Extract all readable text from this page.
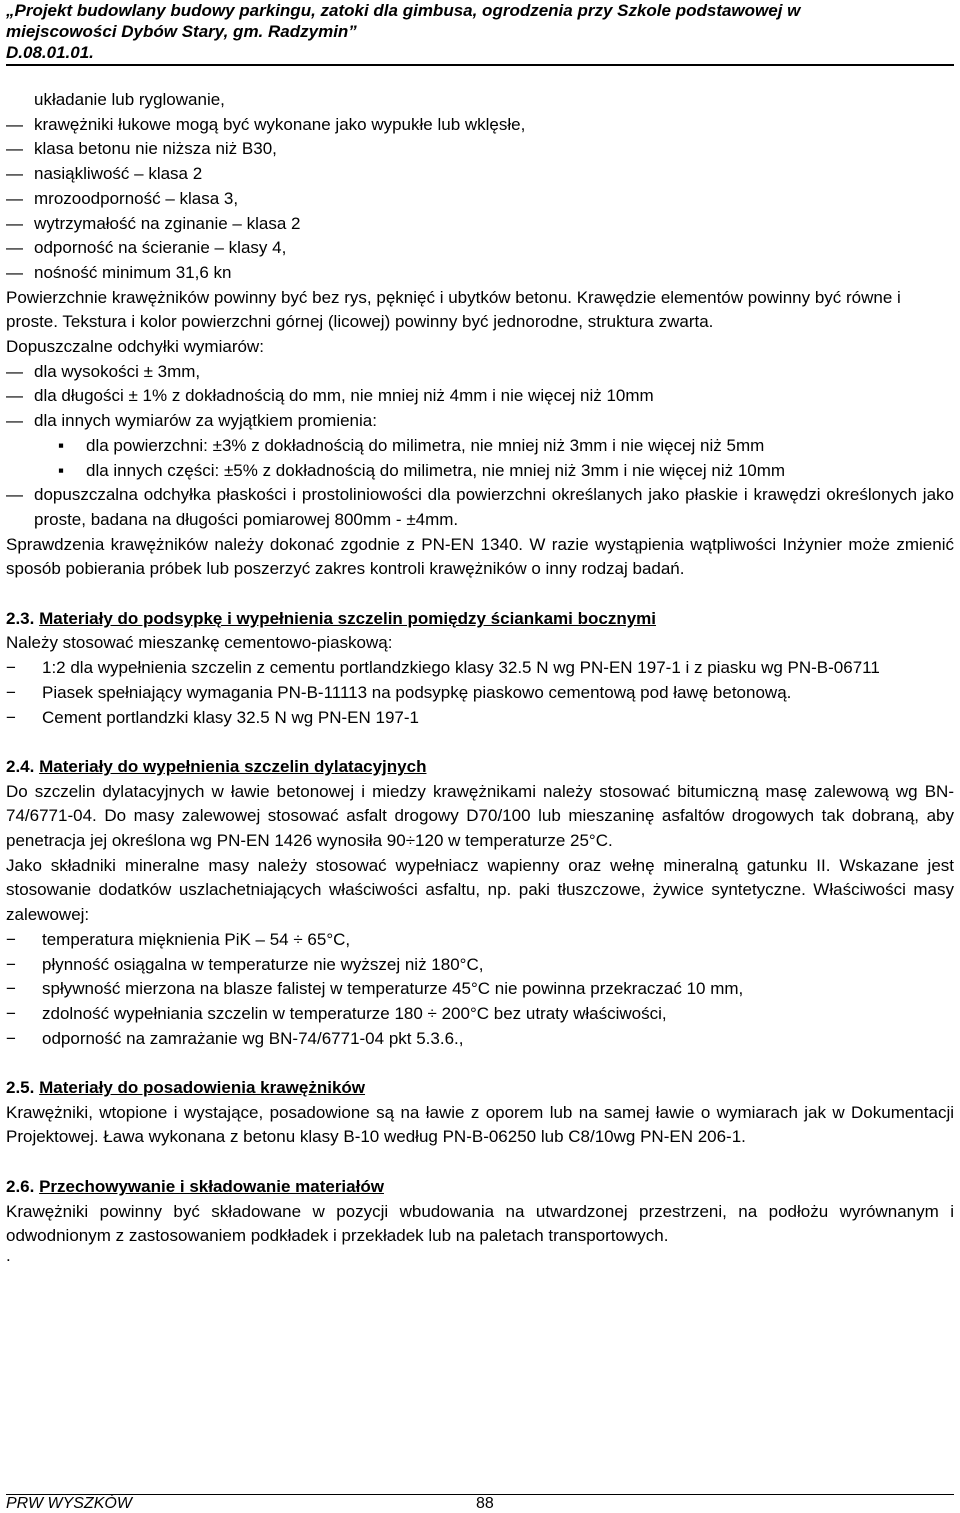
„Projekt budowlany budowy parkingu, zatoki dla gimbusa, ogrodzenia przy Szkole podstawowej w
miejscowości Dybów Stary, gm. Radzymin”
D.08.01.01.
układanie lub ryglowanie,
— krawężniki łukowe mogą być wykonane jako wypukłe lub wklęsłe,
— klasa betonu nie niższa niż B30,
— nasiąkliwość – klasa 2
— mrozoodporność – klasa 3,
— wytrzymałość na zginanie – klasa 2
— odporność na ścieranie – klasy 4,
— nośność minimum 31,6 kn

Powierzchnie krawężników powinny być bez rys, pęknięć i ubytków betonu. Krawędzie elementów powinny być równe i proste. Tekstura i kolor powierzchni górnej (licowej) powinny być jednorodne, struktura zwarta.

Dopuszczalne odchyłki wymiarów:

— dla wysokości ± 3mm,
— dla długości ± 1% z dokładnością do mm, nie mniej niż 4mm i nie więcej niż 10mm
— dla innych wymiarów za wyjątkiem promienia:
▪ dla powierzchni: ±3% z dokładnością do milimetra, nie mniej niż 3mm i nie więcej niż 5mm
▪ dla innych części: ±5% z dokładnością do milimetra, nie mniej niż 3mm i nie więcej niż 10mm
— dopuszczalna odchyłka płaskości i prostoliniowości dla powierzchni określanych jako płaskie i krawędzi określonych jako proste, badana na długości pomiarowej 800mm - ±4mm.

Sprawdzenia krawężników należy dokonać zgodnie z PN-EN 1340. W razie wystąpienia wątpliwości Inżynier może zmienić sposób pobierania próbek lub poszerzyć zakres kontroli krawężników o inny rodzaj badań.

2.3. Materiały do podsypkę i wypełnienia szczelin pomiędzy ściankami bocznymi

Należy stosować mieszankę cementowo-piaskową:

− 1:2 dla wypełnienia szczelin z cementu portlandzkiego klasy 32.5 N wg PN-EN 197-1 i z piasku wg PN-B-06711
− Piasek spełniający wymagania PN-B-11113 na podsypkę piaskowo cementową pod ławę betonową.
− Cement portlandzki klasy 32.5 N wg PN-EN 197-1
2.4. Materiały do wypełnienia szczelin dylatacyjnych

Do szczelin dylatacyjnych w ławie betonowej i miedzy krawężnikami należy stosować bitumiczną masę zalewową wg BN-74/6771-04. Do masy zalewowej stosować asfalt drogowy D70/100 lub mieszaninę asfaltów drogowych tak dobraną, aby penetracja jej określona wg PN-EN 1426 wynosiła 90÷120 w temperaturze 25°C.

Jako składniki mineralne masy należy stosować wypełniacz wapienny oraz wełnę mineralną gatunku II. Wskazane jest stosowanie dodatków uszlachetniających właściwości asfaltu, np. paki tłuszczowe, żywice syntetyczne. Właściwości masy zalewowej:

− temperatura mięknienia PiK – 54 ÷ 65°C,
− płynność osiągalna w temperaturze nie wyższej niż 180°C,
− spływność mierzona na blasze falistej w temperaturze 45°C nie powinna przekraczać 10 mm,
− zdolność wypełniania szczelin w temperaturze 180 ÷ 200°C bez utraty właściwości,
− odporność na zamrażanie wg BN-74/6771-04 pkt 5.3.6.,
2.5. Materiały do posadowienia krawężników

Krawężniki, wtopione i wystające, posadowione są na ławie z oporem lub na samej ławie o wymiarach jak w Dokumentacji Projektowej. Ława wykonana z betonu klasy B-10 według PN-B-06250 lub C8/10wg PN-EN 206-1.

2.6. Przechowywanie i składowanie materiałów

Krawężniki powinny być składowane w pozycji wbudowania na utwardzonej przestrzeni, na podłożu wyrównanym i odwodnionym z zastosowaniem podkładek i przekładek lub na paletach transportowych.

.
PRW WYSZKÓW	88
